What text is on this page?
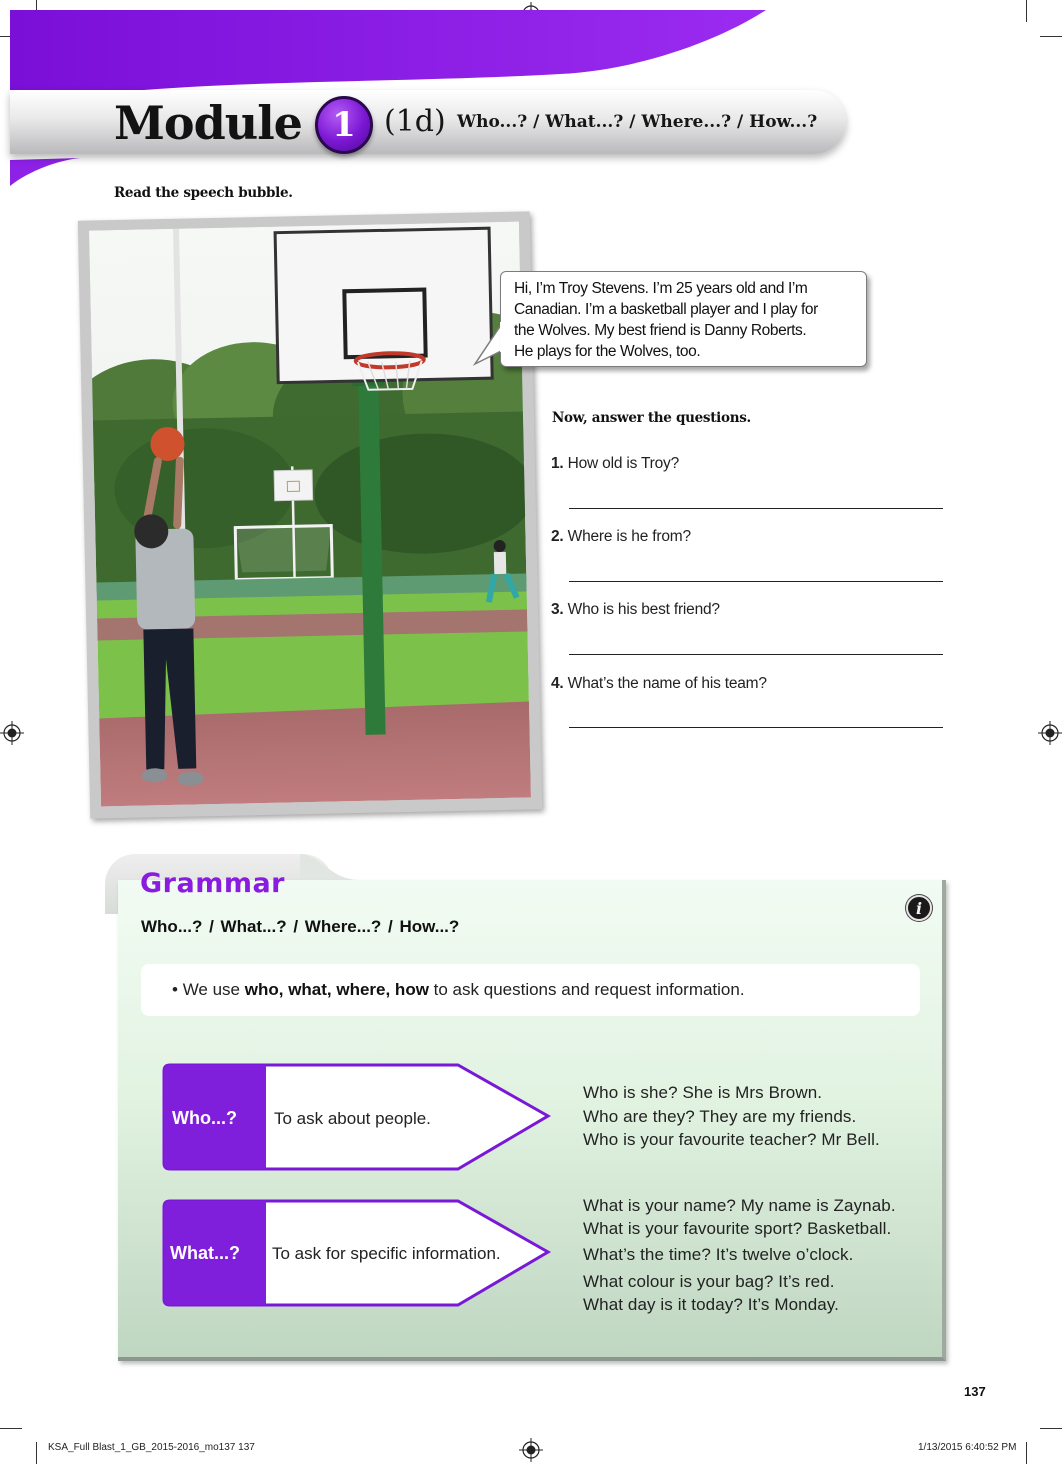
Module 1 (1d) Who...? / What...? / Where...? / How...?
Read the speech bubble.
Hi, I’m Troy Stevens. I’m 25 years old and I’m
Canadian. I’m a basketball player and I play for
the Wolves. My best friend is Danny Roberts.
He plays for the Wolves, too.
Now, answer the questions.
1. How old is Troy?
2. Where is he from?
3. Who is his best friend?
4. What’s the name of his team?
Grammar
Who...? / What...? / Where...? / How...?
i
• We use who, what, where, how to ask questions and request information.
Who...? To ask about people.
Who is she? She is Mrs Brown.
Who are they? They are my friends.
Who is your favourite teacher? Mr Bell.
What...? To ask for specific information.
What is your name? My name is Zaynab.
What is your favourite sport? Basketball.
What’s the time? It’s twelve o’clock.
What colour is your bag? It’s red.
What day is it today? It’s Monday.
137
KSA_Full Blast_1_GB_2015-2016_mo137 137	1/13/2015 6:40:52 PM
